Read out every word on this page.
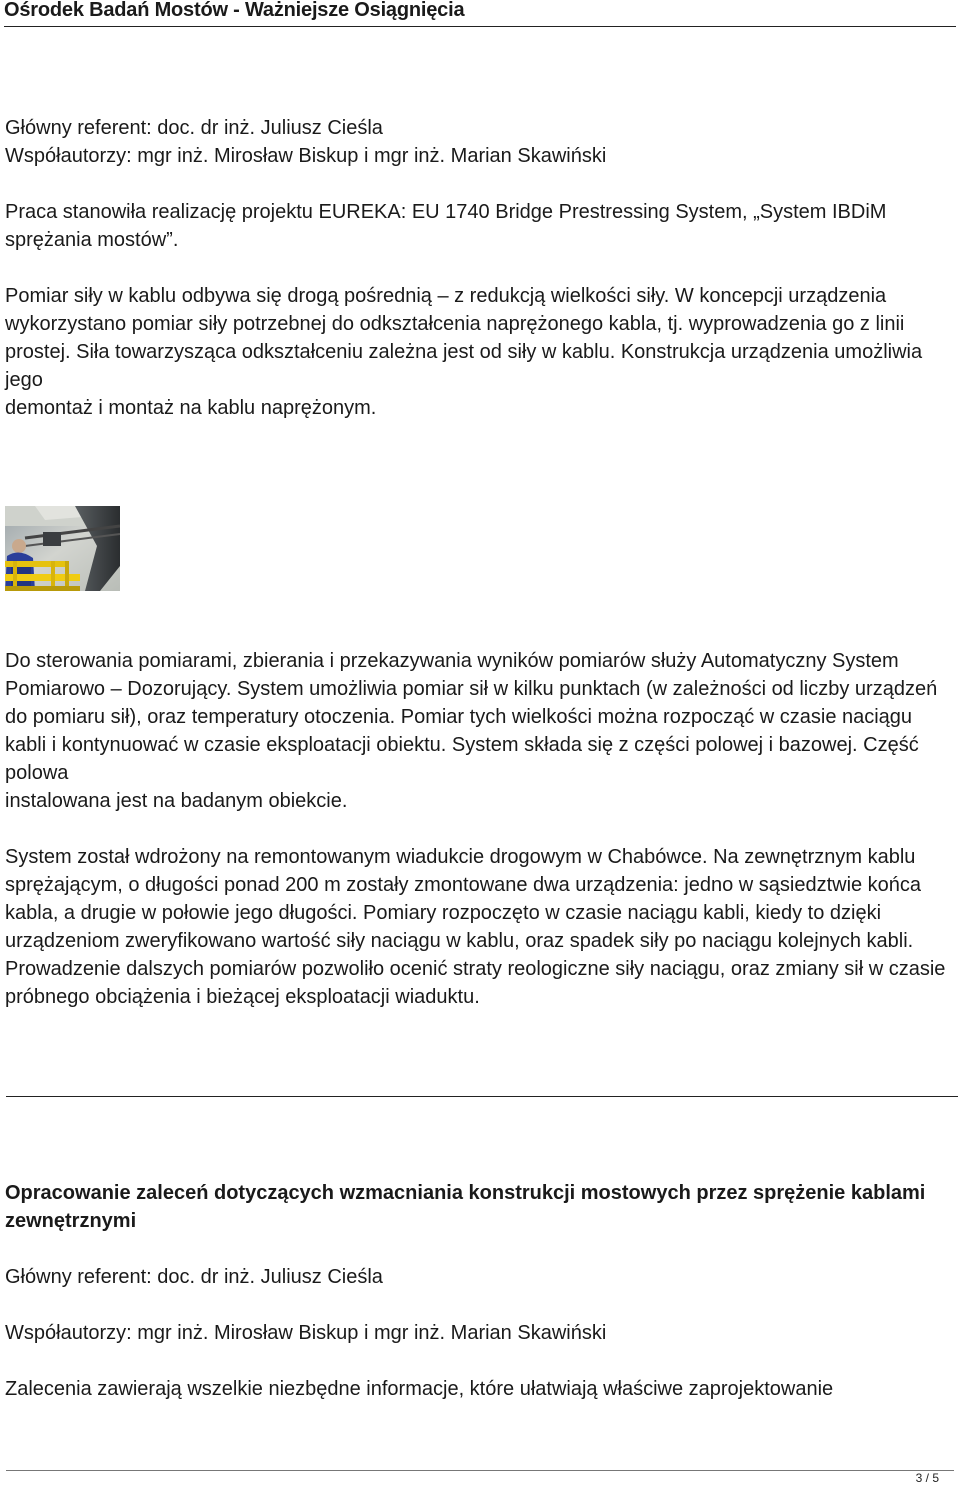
Ośrodek Badań Mostów - Ważniejsze Osiągnięcia

Główny referent: doc. dr inż. Juliusz Cieśla

Współautorzy: mgr inż. Mirosław Biskup i mgr inż. Marian Skawiński

Praca stanowiła realizację projektu EUREKA: EU 1740 Bridge Prestressing System, „System IBDiM sprężania mostów”.

Pomiar siły w kablu odbywa się drogą pośrednią – z redukcją wielkości siły. W koncepcji urządzenia wykorzystano pomiar siły potrzebnej do odkształcenia naprężonego kabla, tj. wyprowadzenia go z linii prostej. Siła towarzysząca odkształceniu zależna jest od siły w kablu. Konstrukcja urządzenia umożliwia jego

demontaż i montaż na kablu naprężonym.

Do sterowania pomiarami, zbierania i przekazywania wyników pomiarów służy Automatyczny System Pomiarowo – Dozorujący. System umożliwia pomiar sił w kilku punktach (w zależności od liczby urządzeń do pomiaru sił), oraz temperatury otoczenia. Pomiar tych wielkości można rozpocząć w czasie naciągu kabli i kontynuować w czasie eksploatacji obiektu. System składa się z części polowej i bazowej. Część polowa

instalowana jest na badanym obiekcie.

System został wdrożony na remontowanym wiadukcie drogowym w Chabówce. Na zewnętrznym kablu sprężającym, o długości ponad 200 m zostały zmontowane dwa urządzenia: jedno w sąsiedztwie końca kabla, a drugie w połowie jego długości. Pomiary rozpoczęto w czasie naciągu kabli, kiedy to dzięki urządzeniom zweryfikowano wartość siły naciągu w kablu, oraz spadek siły po naciągu kolejnych kabli. Prowadzenie dalszych pomiarów pozwoliło ocenić straty reologiczne siły naciągu, oraz zmiany sił w czasie próbnego obciążenia i bieżącej eksploatacji wiaduktu.

Opracowanie zaleceń dotyczących wzmacniania konstrukcji mostowych przez sprężenie kablami zewnętrznymi

Główny referent: doc. dr inż. Juliusz Cieśla

Współautorzy: mgr inż. Mirosław Biskup i mgr inż. Marian Skawiński

Zalecenia zawierają wszelkie niezbędne informacje, które ułatwiają właściwe zaprojektowanie

3 / 5
